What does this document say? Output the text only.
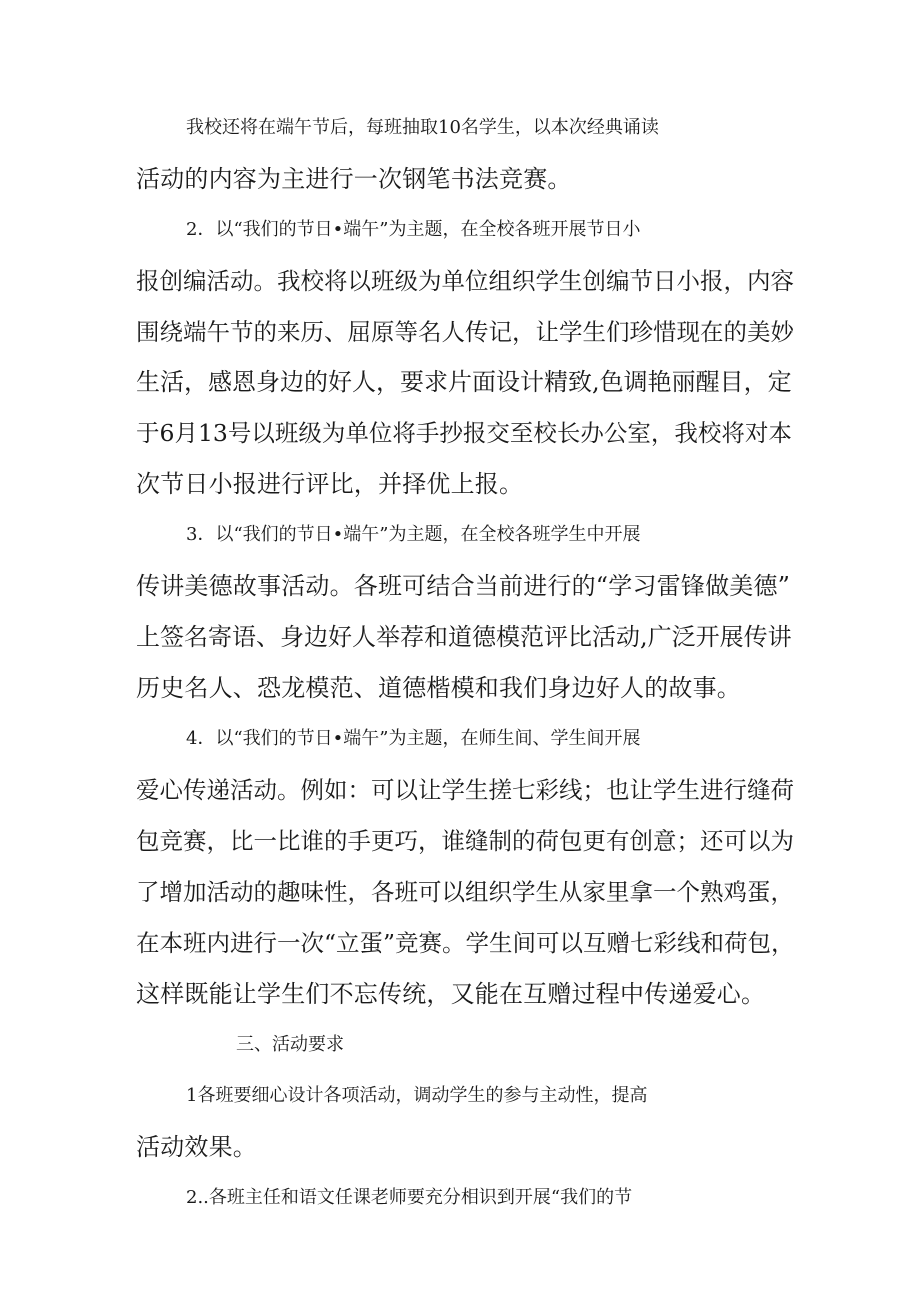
我校还将在端午节后，每班抽取10名学生，以本次经典诵读
活动的内容为主进行一次钢笔书法竞赛。
2．以“我们的节日•端午”为主题，在全校各班开展节日小
报创编活动。我校将以班级为单位组织学生创编节日小报，内容
围绕端午节的来历、屈原等名人传记，让学生们珍惜现在的美妙
生活，感恩身边的好人，要求片面设计精致,色调艳丽醒目，定
于6月13号以班级为单位将手抄报交至校长办公室，我校将对本
次节日小报进行评比，并择优上报。
3．以“我们的节日•端午”为主题，在全校各班学生中开展
传讲美德故事活动。各班可结合当前进行的“学习雷锋做美德”
上签名寄语、身边好人举荐和道德模范评比活动,广泛开展传讲
历史名人、恐龙模范、道德楷模和我们身边好人的故事。
4．以“我们的节日•端午”为主题，在师生间、学生间开展
爱心传递活动。例如：可以让学生搓七彩线；也让学生进行缝荷
包竞赛，比一比谁的手更巧，谁缝制的荷包更有创意；还可以为
了增加活动的趣味性，各班可以组织学生从家里拿一个熟鸡蛋，
在本班内进行一次“立蛋”竞赛。学生间可以互赠七彩线和荷包，
这样既能让学生们不忘传统，又能在互赠过程中传递爱心。
三、活动要求
1各班要细心设计各项活动，调动学生的参与主动性，提高
活动效果。
2..各班主任和语文任课老师要充分相识到开展“我们的节
